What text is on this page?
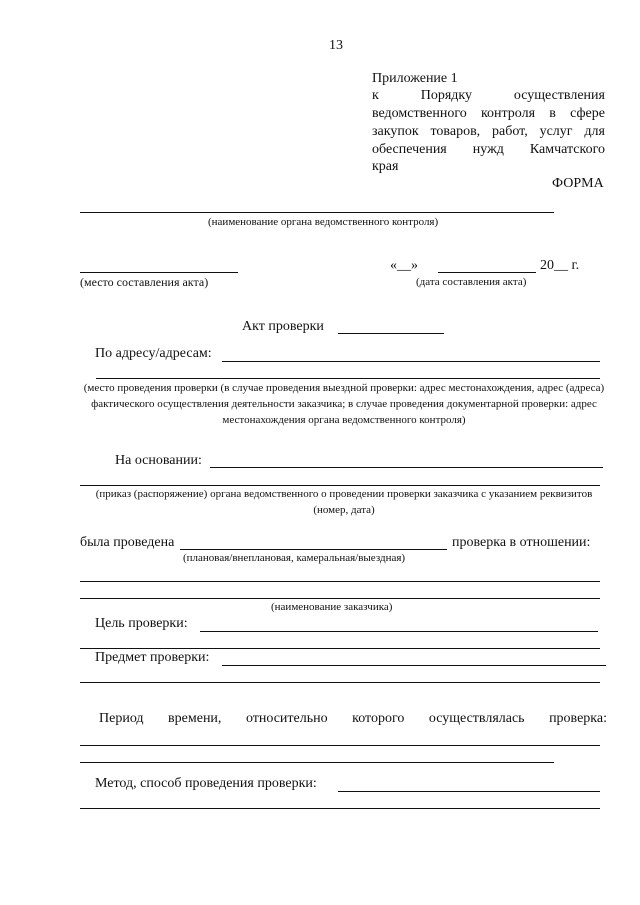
13
Приложение 1
к	Порядку	осуществления
ведомственного контроля в сфере
закупок товаров, работ, услуг для
обеспечения нужд Камчатского
края
ФОРМА
(наименование органа ведомственного контроля)
«__»	20__ г.
(место составления акта)	(дата составления акта)
Акт проверки
По адресу/адресам:
(место проведения проверки (в случае проведения выездной проверки: адрес местонахождения, адрес (адреса) фактического осуществления деятельности заказчика; в случае проведения документарной проверки: адрес местонахождения органа ведомственного контроля)
На основании:
(приказ (распоряжение) органа ведомственного о проведении проверки заказчика с указанием реквизитов (номер, дата)
была проведена	проверка в отношении:
(плановая/внеплановая, камеральная/выездная)
(наименование заказчика)
Цель проверки:
Предмет проверки:
Период времени, относительно которого осуществлялась проверка:
Метод, способ проведения проверки:
